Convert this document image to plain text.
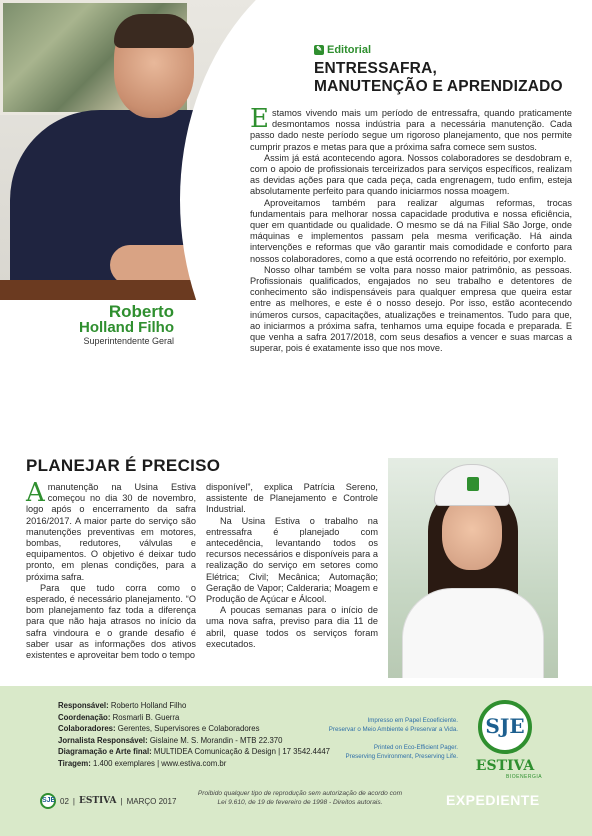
Roberto
Holland Filho
Superintendente Geral
✎ Editorial
ENTRESSAFRA,
MANUTENÇÃO E APRENDIZADO

Estamos vivendo mais um período de entressafra, quando praticamente desmontamos nossa indústria para a necessária manutenção. Cada passo dado neste período segue um rigoroso planejamento, que nos permite cumprir prazos e metas para que a próxima safra comece sem sustos.

Assim já está acontecendo agora. Nossos colaboradores se desdobram e, com o apoio de profissionais terceirizados para serviços específicos, realizam as devidas ações para que cada peça, cada engrenagem, tudo enfim, esteja absolutamente perfeito para quando iniciarmos nossa moagem.

Aproveitamos também para realizar algumas reformas, trocas fundamentais para melhorar nossa capacidade produtiva e nossa eficiência, quer em quantidade ou qualidade. O mesmo se dá na Filial São Jorge, onde máquinas e implementos passam pela mesma verificação. Há ainda intervenções e reformas que vão garantir mais comodidade e conforto para nossos colaboradores, como a que está ocorrendo no refeitório, por exemplo.

Nosso olhar também se volta para nosso maior patrimônio, as pessoas. Profissionais qualificados, engajados no seu trabalho e detentores de conhecimento são indispensáveis para qualquer empresa que queira estar entre as melhores, e este é o nosso desejo. Por isso, estão acontecendo inúmeros cursos, capacitações, atualizações e treinamentos. Tudo para que, ao iniciarmos a próxima safra, tenhamos uma equipe focada e preparada. E que venha a safra 2017/2018, com seus desafios a vencer e suas marcas a superar, pois é exatamente isso que nos move.

PLANEJAR É PRECISO

Amanutenção na Usina Estiva começou no dia 30 de novembro, logo após o encerramento da safra 2016/2017. A maior parte do serviço são manutenções preventivas em motores, bombas, redutores, válvulas e equipamentos. O objetivo é deixar tudo pronto, em plenas condições, para a próxima safra.

Para que tudo corra como o esperado, é necessário planejamento. “O bom planejamento faz toda a diferença para que não haja atrasos no início da safra vindoura e o grande desafio é saber usar as informações dos ativos existentes e aproveitar bem todo o tempo

disponível”, explica Patrícia Sereno, assistente de Planejamento e Controle Industrial.

Na Usina Estiva o trabalho na entressafra é planejado com antecedência, levantando todos os recursos necessários e disponíveis para a realização do serviço em setores como Elétrica; Civil; Mecânica; Automação; Geração de Vapor; Calderaria; Moagem e Produção de Açúcar e Álcool.

A poucas semanas para o início de uma nova safra, previso para dia 11 de abril, quase todos os serviços foram executados.

Responsável: Roberto Holland Filho
Coordenação: Rosmarli B. Guerra
Colaboradores: Gerentes, Supervisores e Colaboradores
Jornalista Responsável: Gislaine M. S. Morandin - MTB 22.370
Diagramação e Arte final: MULTIDEA Comunicação & Design | 17 3542.4447
Tiragem: 1.400 exemplares | www.estiva.com.br
Impresso em Papel Ecoeficiente.
Preservar o Meio Ambiente é Preservar a Vida.
Printed on Eco-Efficient Pager.
Preserving Environment, Preserving Life.
SJE
ESTIVA
BIOENERGIA
EXPEDIENTE
SJE 02 | ESTIVA | MARÇO 2017
Proibido qualquer tipo de reprodução sem autorização de acordo com
Lei 9.610, de 19 de fevereiro de 1998 - Direitos autorais.
